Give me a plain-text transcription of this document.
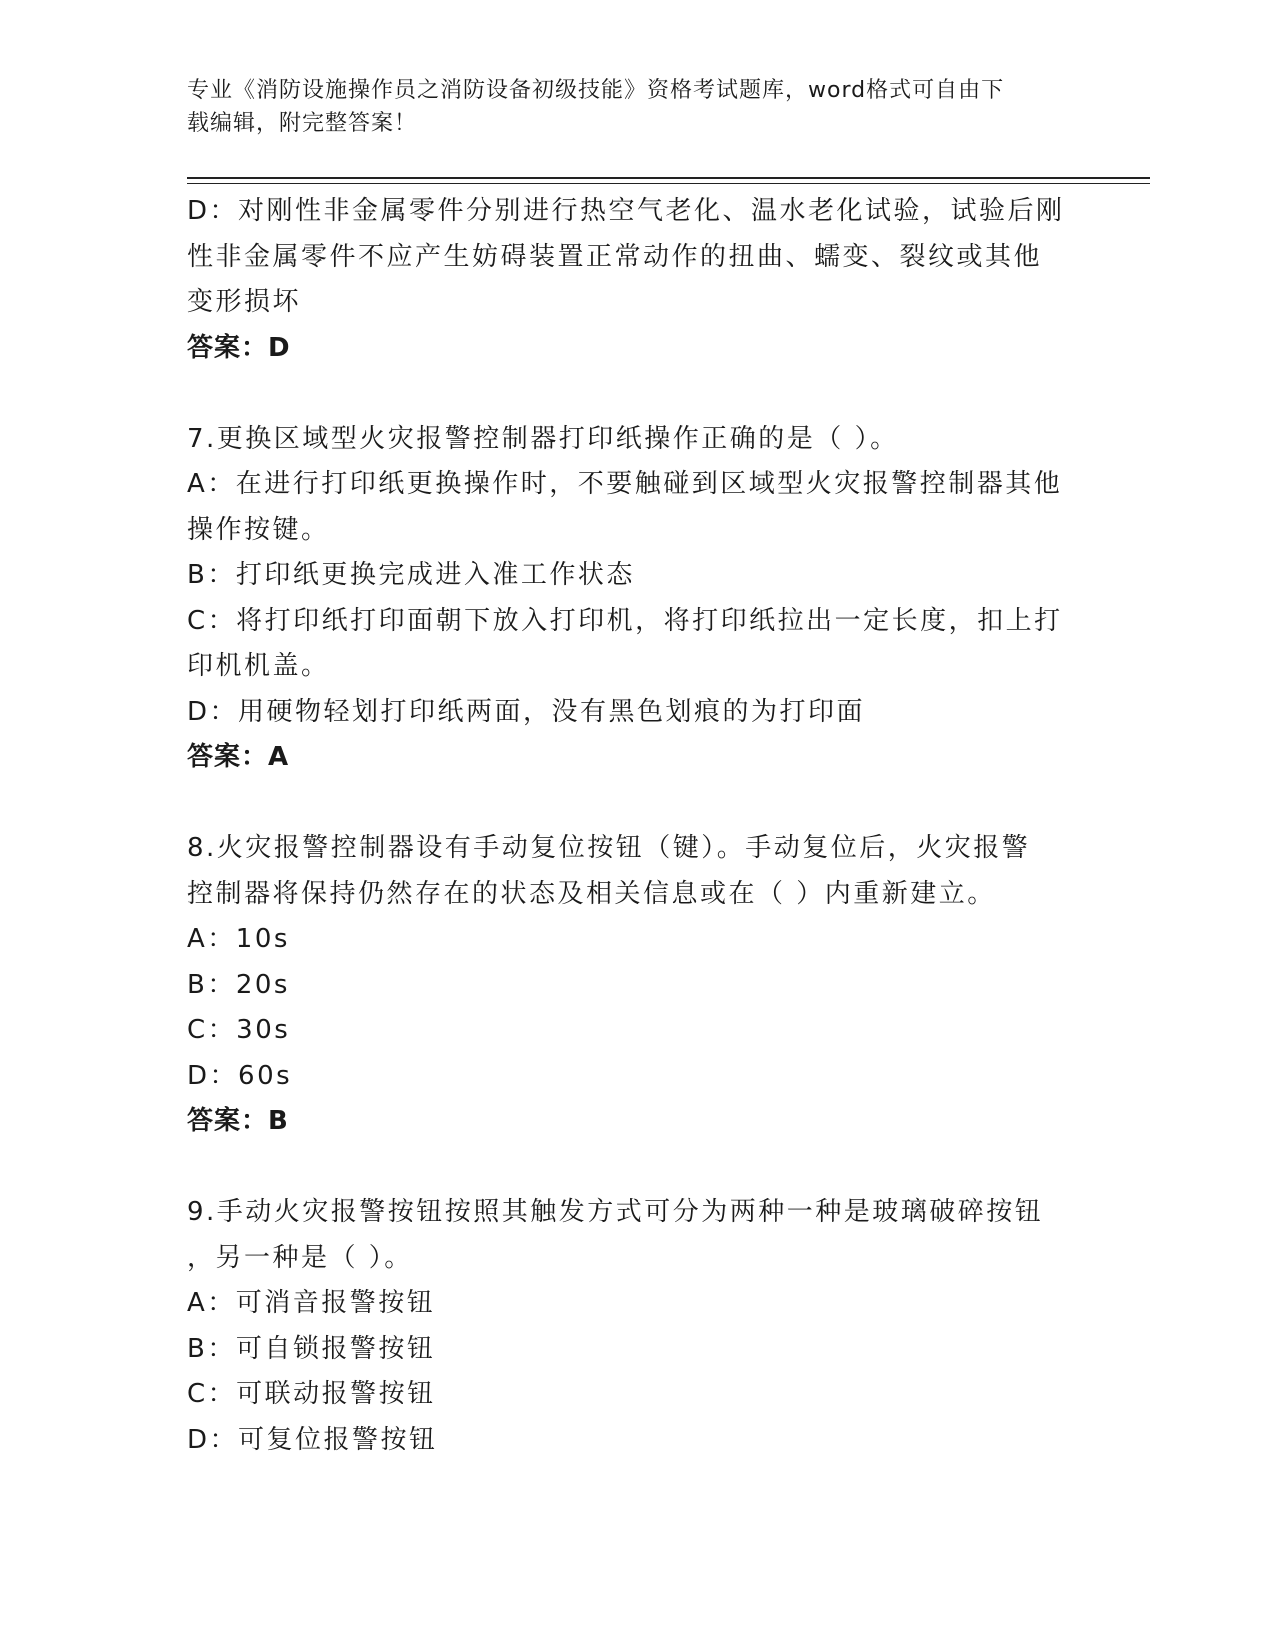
专业《消防设施操作员之消防设备初级技能》资格考试题库，word格式可自由下
载编辑，附完整答案！
D：对刚性非金属零件分别进行热空气老化、温水老化试验，试验后刚
性非金属零件不应产生妨碍装置正常动作的扭曲、蠕变、裂纹或其他
变形损坏
答案：D
7.更换区域型火灾报警控制器打印纸操作正确的是（ ）。
A：在进行打印纸更换操作时，不要触碰到区域型火灾报警控制器其他
操作按键。
B：打印纸更换完成进入准工作状态
C：将打印纸打印面朝下放入打印机，将打印纸拉出一定长度，扣上打
印机机盖。
D：用硬物轻划打印纸两面，没有黑色划痕的为打印面
答案：A
8.火灾报警控制器设有手动复位按钮（键）。手动复位后，火灾报警
控制器将保持仍然存在的状态及相关信息或在（ ）内重新建立。
A：10s
B：20s
C：30s
D：60s
答案：B
9.手动火灾报警按钮按照其触发方式可分为两种一种是玻璃破碎按钮
，另一种是（ ）。
A：可消音报警按钮
B：可自锁报警按钮
C：可联动报警按钮
D：可复位报警按钮
